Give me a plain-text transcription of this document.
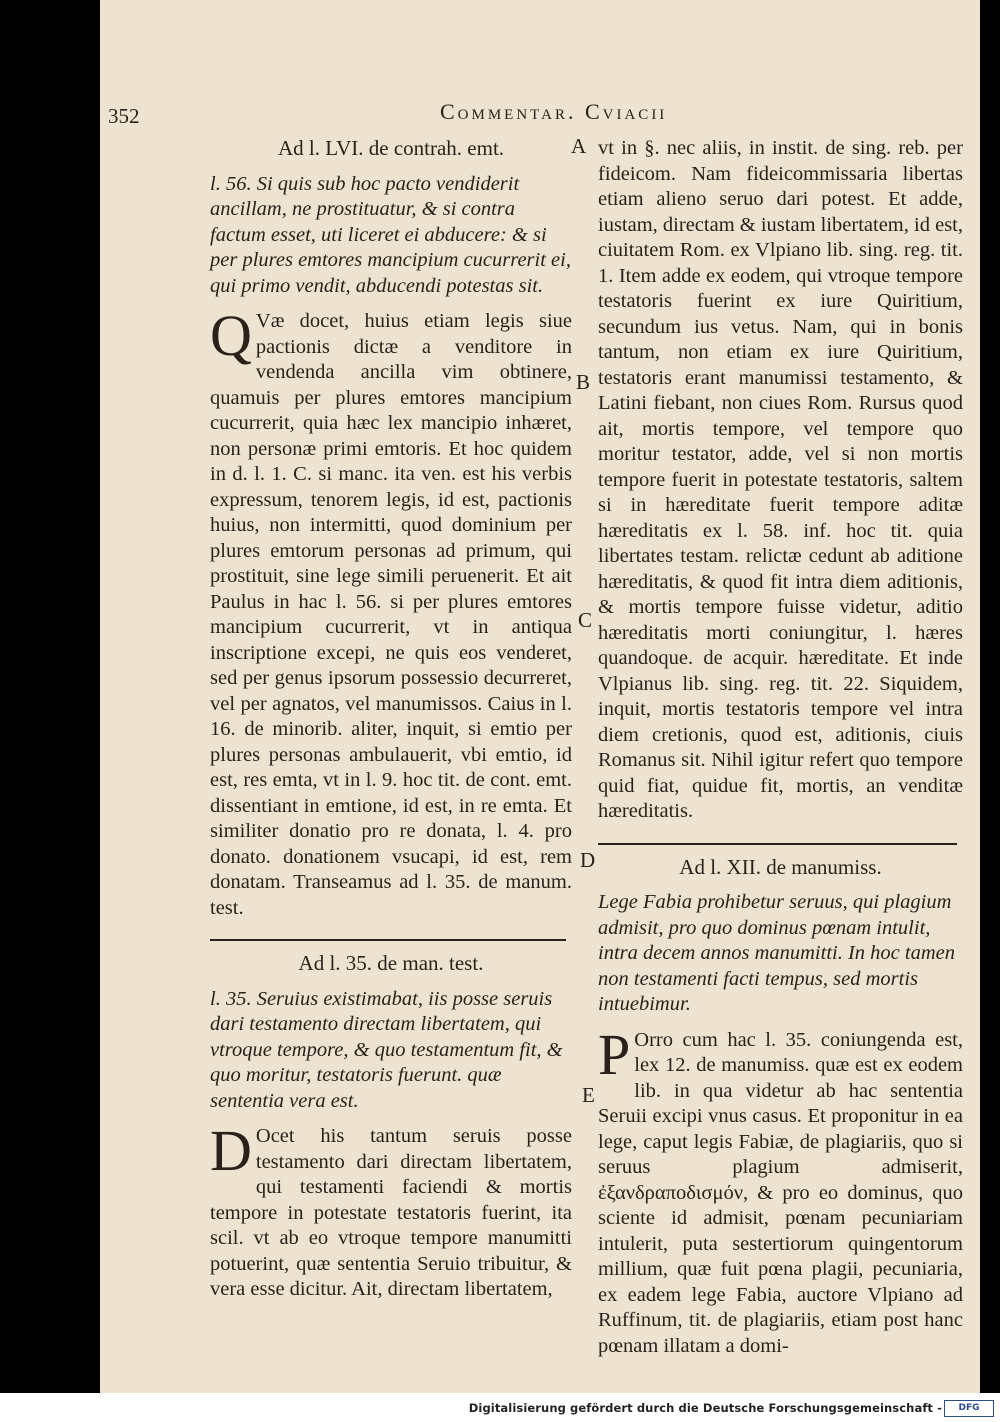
352	Commentar. Cviacii
A
B
C
D
E

Ad l. LVI. de contrah. emt.

l. 56. Si quis sub hoc pacto vendiderit ancillam, ne prostituatur, & si contra factum esset, uti liceret ei abducere: & si per plures emtores mancipium cucurrerit ei, qui primo vendit, abducendi potestas sit.

Q Væ docet, huius etiam legis siue pactionis dictæ a venditore in vendenda ancilla vim obtinere, quamuis per plures emtores mancipium cucurrerit, quia hæc lex mancipio inhæret, non personæ primi emtoris. Et hoc quidem in d. l. 1. C. si manc. ita ven. est his verbis expressum, tenorem legis, id est, pactionis huius, non intermitti, quod dominium per plures emtorum personas ad primum, qui prostituit, sine lege simili peruenerit. Et ait Paulus in hac l. 56. si per plures emtores mancipium cucurrerit, vt in antiqua inscriptione excepi, ne quis eos venderet, sed per genus ipsorum possessio decurreret, vel per agnatos, vel manumissos. Caius in l. 16. de minorib. aliter, inquit, si emtio per plures personas ambulauerit, vbi emtio, id est, res emta, vt in l. 9. hoc tit. de cont. emt. dissentiant in emtione, id est, in re emta. Et similiter donatio pro re donata, l. 4. pro donato. donationem vsucapi, id est, rem donatam. Transeamus ad l. 35. de manum. test.

Ad l. 35. de man. test.

l. 35. Seruius existimabat, iis posse seruis dari testamento directam libertatem, qui vtroque tempore, & quo testamentum fit, & quo moritur, testatoris fuerunt. quæ sententia vera est.

D Ocet his tantum seruis posse testamento dari directam libertatem, qui testamenti faciendi & mortis tempore in potestate testatoris fuerint, ita scil. vt ab eo vtroque tempore manumitti potuerint, quæ sententia Seruio tribuitur, & vera esse dicitur. Ait, directam libertatem,

vt in §. nec aliis, in instit. de sing. reb. per fideicom. Nam fideicommissaria libertas etiam alieno seruo dari potest. Et adde, iustam, directam & iustam libertatem, id est, ciuitatem Rom. ex Vlpiano lib. sing. reg. tit. 1. Item adde ex eodem, qui vtroque tempore testatoris fuerint ex iure Quiritium, secundum ius vetus. Nam, qui in bonis tantum, non etiam ex iure Quiritium, testatoris erant manumissi testamento, & Latini fiebant, non ciues Rom. Rursus quod ait, mortis tempore, vel tempore quo moritur testator, adde, vel si non mortis tempore fuerit in potestate testatoris, saltem si in hæreditate fuerit tempore aditæ hæreditatis ex l. 58. inf. hoc tit. quia libertates testam. relictæ cedunt ab aditione hæreditatis, & quod fit intra diem aditionis, & mortis tempore fuisse videtur, aditio hæreditatis morti coniungitur, l. hæres quandoque. de acquir. hæreditate. Et inde Vlpianus lib. sing. reg. tit. 22. Siquidem, inquit, mortis testatoris tempore vel intra diem cretionis, quod est, aditionis, ciuis Romanus sit. Nihil igitur refert quo tempore quid fiat, quidue fit, mortis, an venditæ hæreditatis.

Ad l. XII. de manumiss.

Lege Fabia prohibetur seruus, qui plagium admisit, pro quo dominus pœnam intulit, intra decem annos manumitti. In hoc tamen non testamenti facti tempus, sed mortis intuebimur.

P Orro cum hac l. 35. coniungenda est, lex 12. de manumiss. quæ est ex eodem lib. in qua videtur ab hac sententia Seruii excipi vnus casus. Et proponitur in ea lege, caput legis Fabiæ, de plagiariis, quo si seruus plagium admiserit, ἐξανδραποδισμόν, & pro eo dominus, quo sciente id admisit, pœnam pecuniariam intulerit, puta sestertiorum quingentorum millium, quæ fuit pœna plagii, pecuniaria, ex eadem lege Fabia, auctore Vlpiano ad Ruffinum, tit. de plagiariis, etiam post hanc pœnam illatam a domi-

Digitalisierung gefördert durch die Deutsche Forschungsgemeinschaft -	DFG
